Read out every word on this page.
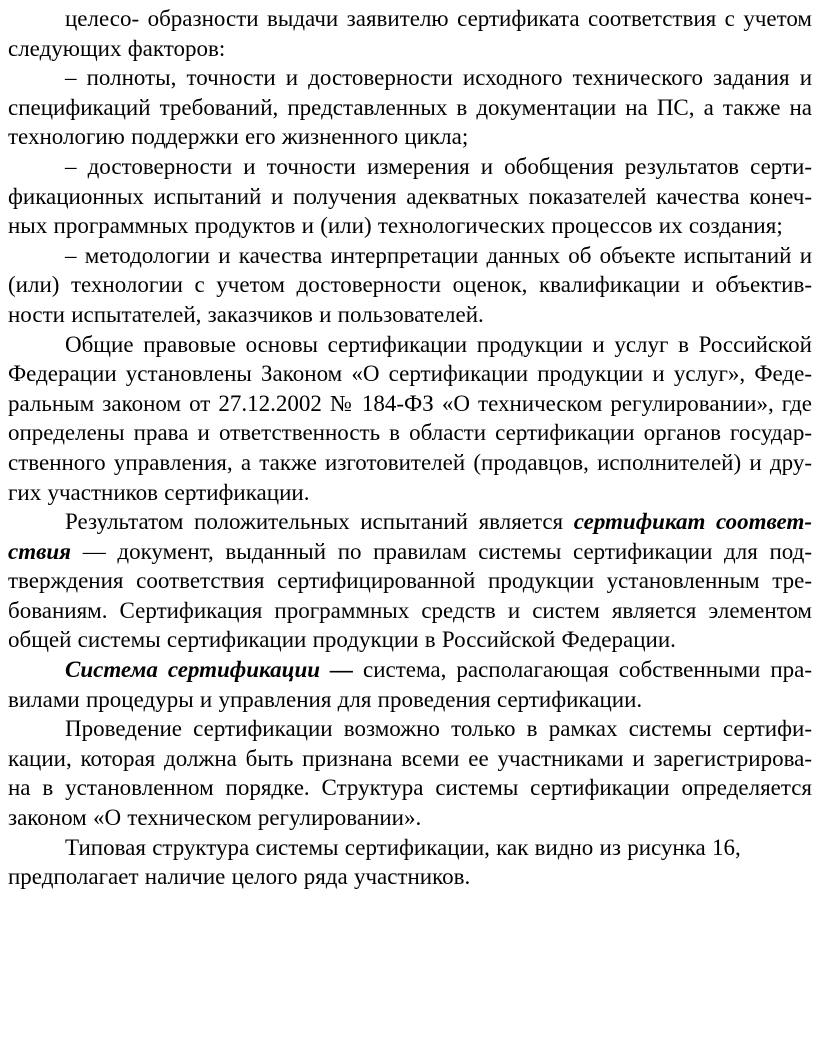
целесо- образности выдачи заявителю сертификата соответствия с учетом следующих факторов:

– полноты, точности и достоверности исходного технического задания и спецификаций требований, представленных в документации на ПС, а также на технологию поддержки его жизненного цикла;

– достоверности и точности измерения и обобщения результатов серти- фикационных испытаний и получения адекватных показателей качества конеч- ных программных продуктов и (или) технологических процессов их создания;

– методологии и качества интерпретации данных об объекте испытаний и (или) технологии с учетом достоверности оценок, квалификации и объектив- ности испытателей, заказчиков и пользователей.

Общие правовые основы сертификации продукции и услуг в Российской Федерации установлены Законом «О сертификации продукции и услуг», Феде- ральным законом от 27.12.2002 № 184-ФЗ «О техническом регулировании», где определены права и ответственность в области сертификации органов государ- ственного управления, а также изготовителей (продавцов, исполнителей) и дру- гих участников сертификации.

Результатом положительных испытаний является сертификат соответ- ствия — документ, выданный по правилам системы сертификации для под- тверждения соответствия сертифицированной продукции установленным тре- бованиям. Сертификация программных средств и систем является элементом общей системы сертификации продукции в Российской Федерации.

Система сертификации — система, располагающая собственными пра- вилами процедуры и управления для проведения сертификации.

Проведение сертификации возможно только в рамках системы сертифи- кации, которая должна быть признана всеми ее участниками и зарегистрирова- на в установленном порядке. Структура системы сертификации определяется законом «О техническом регулировании».

Типовая структура системы сертификации, как видно из рисунка 16,

предполагает наличие целого ряда участников.
